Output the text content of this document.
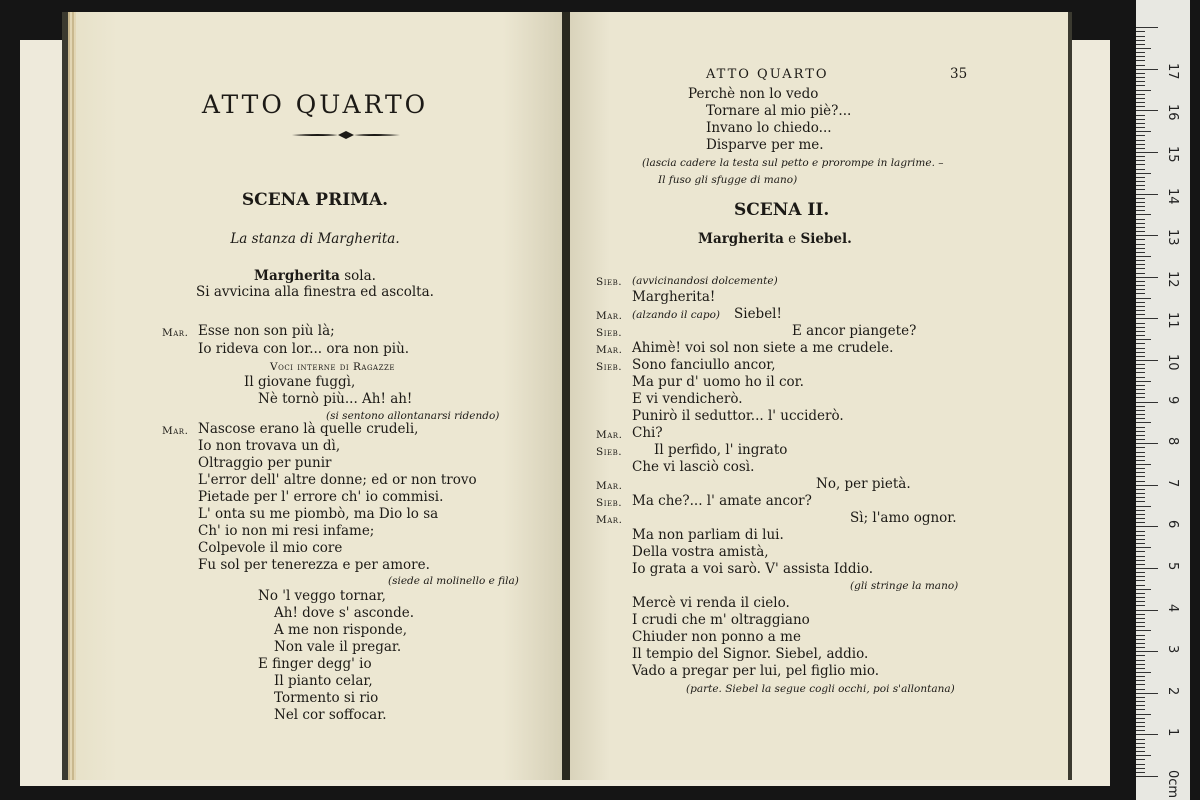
ATTO QUARTO
SCENA PRIMA.
La stanza di Margherita.
Margherita sola.
Si avvicina alla finestra ed ascolta.
Mar. Esse non son più là;
Io rideva con lor... ora non più.
Voci interne di Ragazze
Il giovane fuggì,
Nè tornò più... Ah! ah!
(si sentono allontanarsi ridendo)
Mar. Nascose erano là quelle crudeli,
Io non trovava un dì,
Oltraggio per punir
L'error dell' altre donne; ed or non trovo
Pietade per l' errore ch' io commisi.
L' onta su me piombò, ma Dio lo sa
Ch' io non mi resi infame;
Colpevole il mio core
Fu sol per tenerezza e per amore.
(siede al molinello e fila)
No 'l veggo tornar,
Ah! dove s' asconde.
A me non risponde,
Non vale il pregar.
E finger degg' io
Il pianto celar,
Tormento si rio
Nel cor soffocar.
ATTO QUARTO	35
Perchè non lo vedo
Tornare al mio piè?...
Invano lo chiedo...
Disparve per me.
(lascia cadere la testa sul petto e prorompe in lagrime. –
Il fuso gli sfugge di mano)
SCENA II.
Margherita e Siebel.
Sieb. (avvicinandosi dolcemente)
Margherita!
Mar. (alzando il capo) Siebel!
Sieb.	E ancor piangete?
Mar. Ahimè! voi sol non siete a me crudele.
Sieb. Sono fanciullo ancor,
Ma pur d' uomo ho il cor.
E vi vendicherò.
Punirò il seduttor... l' ucciderò.
Mar. Chi?
Sieb. Il perfido, l' ingrato
Che vi lasciò così.
Mar.	No, per pietà.
Sieb. Ma che?... l' amate ancor?
Mar.	Sì; l'amo ognor.
Ma non parliam di lui.
Della vostra amistà,
Io grata a voi sarò. V' assista Iddio.
(gli stringe la mano)
Mercè vi renda il cielo.
I crudi che m' oltraggiano
Chiuder non ponno a me
Il tempio del Signor. Siebel, addio.
Vado a pregar per lui, pel figlio mio.
(parte. Siebel la segue cogli occhi, poi s'allontana)
0cm
1
2
3
4
5
6
7
8
9
10
11
12
13
14
15
16
17
